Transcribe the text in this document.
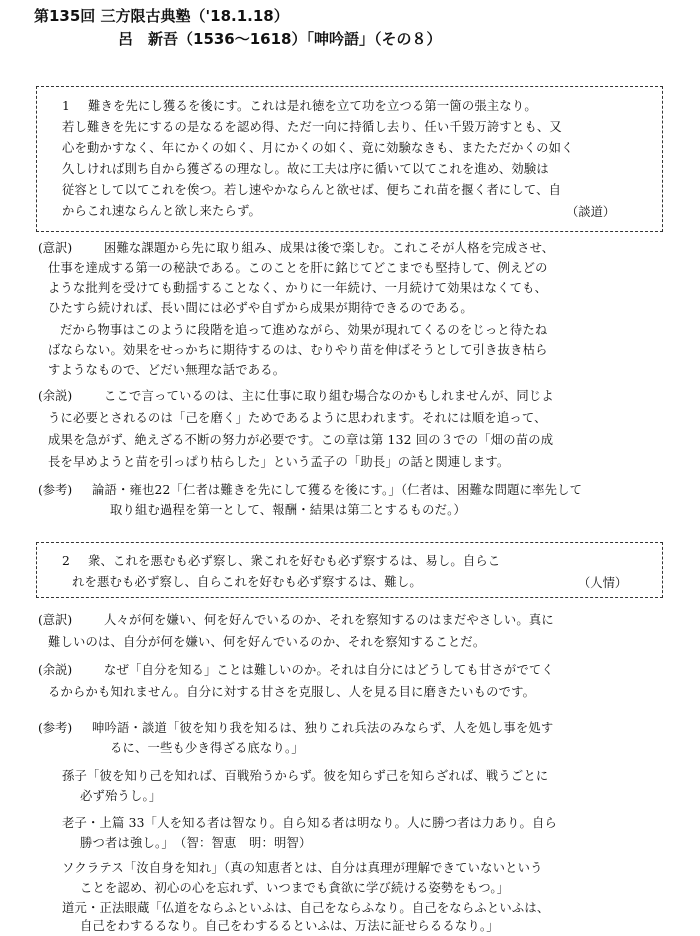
第135回 三方限古典塾（'18.1.18）
呂　新吾（1536〜1618）「呻吟語」（その８）
1 難きを先にし獲るを後にす。これは是れ徳を立て功を立つる第一箇の張主なり。
若し難きを先にするの是なるを認め得、ただ一向に持循し去り、任い千毀万誇すとも、又
心を動かすなく、年にかくの如く、月にかくの如く、竟に効験なきも、またただかくの如く
久しければ則ち自から獲ざるの理なし。故に工夫は序に循いて以てこれを進め、効験は
従容として以てこれを俟つ。若し速やかならんと欲せば、便ちこれ苗を揠く者にして、自
からこれ速ならんと欲し来たらず。	（談道）
(意訳)	困難な課題から先に取り組み、成果は後で楽しむ。これこそが人格を完成させ、
仕事を達成する第一の秘訣である。このことを肝に銘じてどこまでも堅持して、例えどの
ような批判を受けても動揺することなく、かりに一年続け、一月続けて効果はなくても、
ひたすら続ければ、長い間には必ずや自ずから成果が期待できるのである。
だから物事はこのように段階を追って進めながら、効果が現れてくるのをじっと待たね
ばならない。効果をせっかちに期待するのは、むりやり苗を伸ばそうとして引き抜き枯ら
すようなもので、どだい無理な話である。
(余説)	ここで言っているのは、主に仕事に取り組む場合なのかもしれませんが、同じよ
うに必要とされるのは「己を磨く」ためであるように思われます。それには順を追って、
成果を急がず、絶えざる不断の努力が必要です。この章は第 132 回の３での「畑の苗の成
長を早めようと苗を引っぱり枯らした」という孟子の「助長」の話と関連します。
(参考) 論語・雍也22「仁者は難きを先にして獲るを後にす。」（仁者は、困難な問題に率先して
取り組む過程を第一として、報酬・結果は第二とするものだ。）
2 衆、これを悪むも必ず察し、衆これを好むも必ず察するは、易し。自らこ
れを悪むも必ず察し、自らこれを好むも必ず察するは、難し。	（人情）
(意訳)	人々が何を嫌い、何を好んでいるのか、それを察知するのはまだやさしい。真に
難しいのは、自分が何を嫌い、何を好んでいるのか、それを察知することだ。
(余説)	なぜ「自分を知る」ことは難しいのか。それは自分にはどうしても甘さがでてく
るからかも知れません。自分に対する甘さを克服し、人を見る目に磨きたいものです。
(参考) 呻吟語・談道「彼を知り我を知るは、独りこれ兵法のみならず、人を処し事を処す
るに、一些も少き得ざる底なり。」
孫子「彼を知り己を知れば、百戦殆うからず。彼を知らず己を知らざれば、戦うごとに
必ず殆うし。」
老子・上篇 33「人を知る者は智なり。自ら知る者は明なり。人に勝つ者は力あり。自ら
勝つ者は強し。」　（智：智恵　明：明智）
ソクラテス「汝自身を知れ」（真の知恵者とは、自分は真理が理解できていないという
ことを認め、初心の心を忘れず、いつまでも貪欲に学び続ける姿勢をもつ。」
道元・正法眼蔵「仏道をならふといふは、自己をならふなり。自己をならふといふは、
自己をわするるなり。自己をわするるといふは、万法に証せらるるなり。」
